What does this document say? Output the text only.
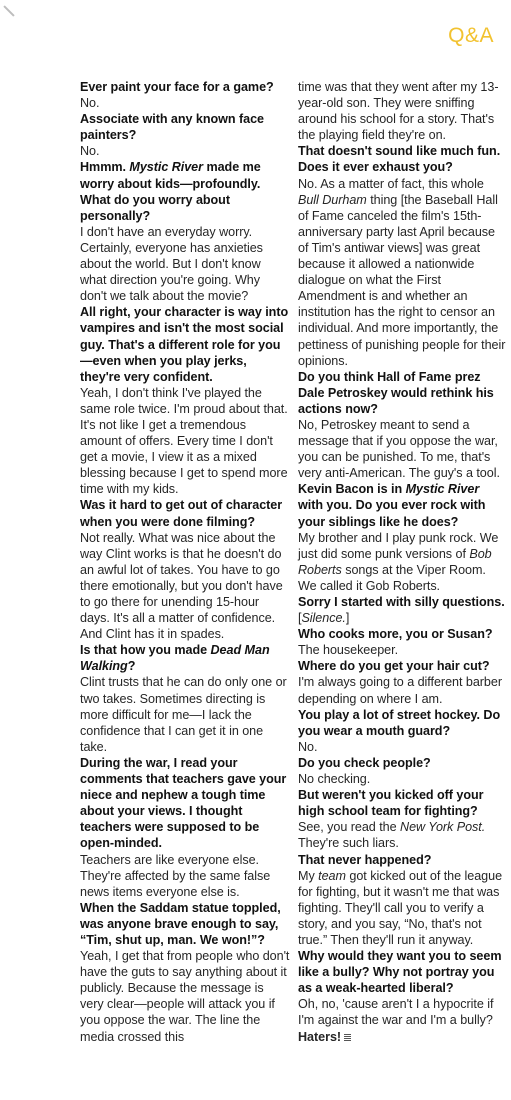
Q&A

Ever paint your face for a game?

No.

Associate with any known face painters?

No.

Hmmm. Mystic River made me worry about kids—profoundly. What do you worry about personally?

I don't have an everyday worry. Certainly, everyone has anxieties about the world. But I don't know what direction you're going. Why don't we talk about the movie?

All right, your character is way into vampires and isn't the most social guy. That's a different role for you—even when you play jerks, they're very confident.

Yeah, I don't think I've played the same role twice. I'm proud about that. It's not like I get a tremendous amount of offers. Every time I don't get a movie, I view it as a mixed blessing because I get to spend more time with my kids.

Was it hard to get out of character when you were done filming?

Not really. What was nice about the way Clint works is that he doesn't do an awful lot of takes. You have to go there emotionally, but you don't have to go there for unending 15-hour days. It's all a matter of confidence. And Clint has it in spades.

Is that how you made Dead Man Walking?

Clint trusts that he can do only one or two takes. Sometimes directing is more difficult for me—I lack the confidence that I can get it in one take.

During the war, I read your comments that teachers gave your niece and nephew a tough time about your views. I thought teachers were supposed to be open-minded.

Teachers are like everyone else. They're affected by the same false news items everyone else is.

When the Saddam statue toppled, was anyone brave enough to say, “Tim, shut up, man. We won!”?

Yeah, I get that from people who don't have the guts to say anything about it publicly. Because the message is very clear—people will attack you if you oppose the war. The line the media crossed this

time was that they went after my 13-year-old son. They were sniffing around his school for a story. That's the playing field they're on.

That doesn't sound like much fun. Does it ever exhaust you?

No. As a matter of fact, this whole Bull Durham thing [the Baseball Hall of Fame canceled the film's 15th-anniversary party last April because of Tim's antiwar views] was great because it allowed a nationwide dialogue on what the First Amendment is and whether an institution has the right to censor an individual. And more importantly, the pettiness of punishing people for their opinions.

Do you think Hall of Fame prez Dale Petroskey would rethink his actions now?

No, Petroskey meant to send a message that if you oppose the war, you can be punished. To me, that's very anti-American. The guy's a tool.

Kevin Bacon is in Mystic River with you. Do you ever rock with your siblings like he does?

My brother and I play punk rock. We just did some punk versions of Bob Roberts songs at the Viper Room. We called it Gob Roberts.

Sorry I started with silly questions.

[Silence.]

Who cooks more, you or Susan?

The housekeeper.

Where do you get your hair cut?

I'm always going to a different barber depending on where I am.

You play a lot of street hockey. Do you wear a mouth guard?

No.

Do you check people?

No checking.

But weren't you kicked off your high school team for fighting?

See, you read the New York Post. They're such liars.

That never happened?

My team got kicked out of the league for fighting, but it wasn't me that was fighting. They'll call you to verify a story, and you say, “No, that's not true.” Then they'll run it anyway.

Why would they want you to seem like a bully? Why not portray you as a weak-hearted liberal?

Oh, no, 'cause aren't I a hypocrite if I'm against the war and I'm a bully? Haters!
